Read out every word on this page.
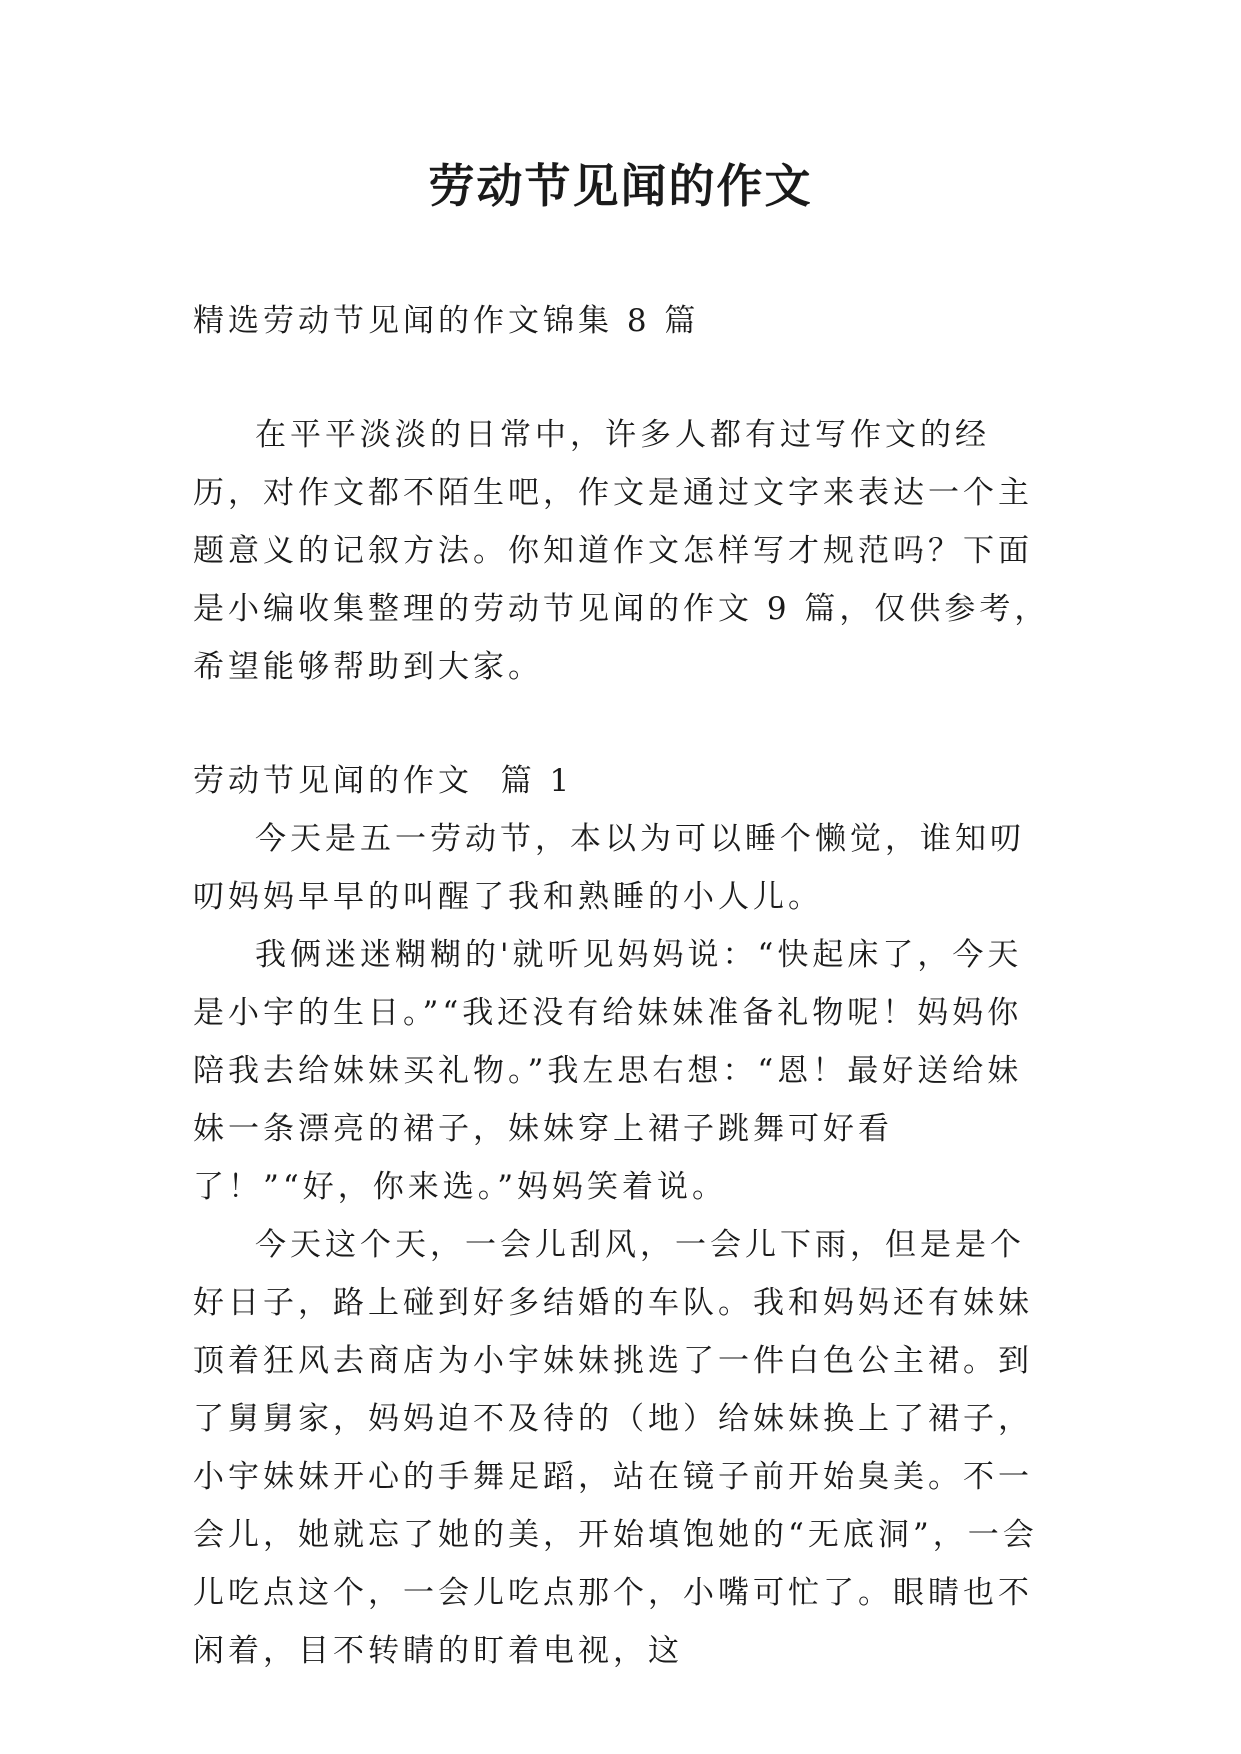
劳动节见闻的作文

精选劳动节见闻的作文锦集 8 篇

在平平淡淡的日常中，许多人都有过写作文的经历，对作文都不陌生吧，作文是通过文字来表达一个主题意义的记叙方法。你知道作文怎样写才规范吗？下面是小编收集整理的劳动节见闻的作文 9 篇，仅供参考，希望能够帮助到大家。

劳动节见闻的作文  篇 1

今天是五一劳动节，本以为可以睡个懒觉，谁知叨叨妈妈早早的叫醒了我和熟睡的小人儿。

我俩迷迷糊糊的'就听见妈妈说：“快起床了，今天是小宇的生日。”“我还没有给妹妹准备礼物呢！妈妈你陪我去给妹妹买礼物。”我左思右想：“恩！最好送给妹妹一条漂亮的裙子，妹妹穿上裙子跳舞可好看了！”“好，你来选。”妈妈笑着说。

今天这个天，一会儿刮风，一会儿下雨，但是是个好日子，路上碰到好多结婚的车队。我和妈妈还有妹妹顶着狂风去商店为小宇妹妹挑选了一件白色公主裙。到了舅舅家，妈妈迫不及待的（地）给妹妹换上了裙子，小宇妹妹开心的手舞足蹈，站在镜子前开始臭美。不一会儿，她就忘了她的美，开始填饱她的“无底洞”，一会儿吃点这个，一会儿吃点那个，小嘴可忙了。眼睛也不闲着，目不转睛的盯着电视，这
